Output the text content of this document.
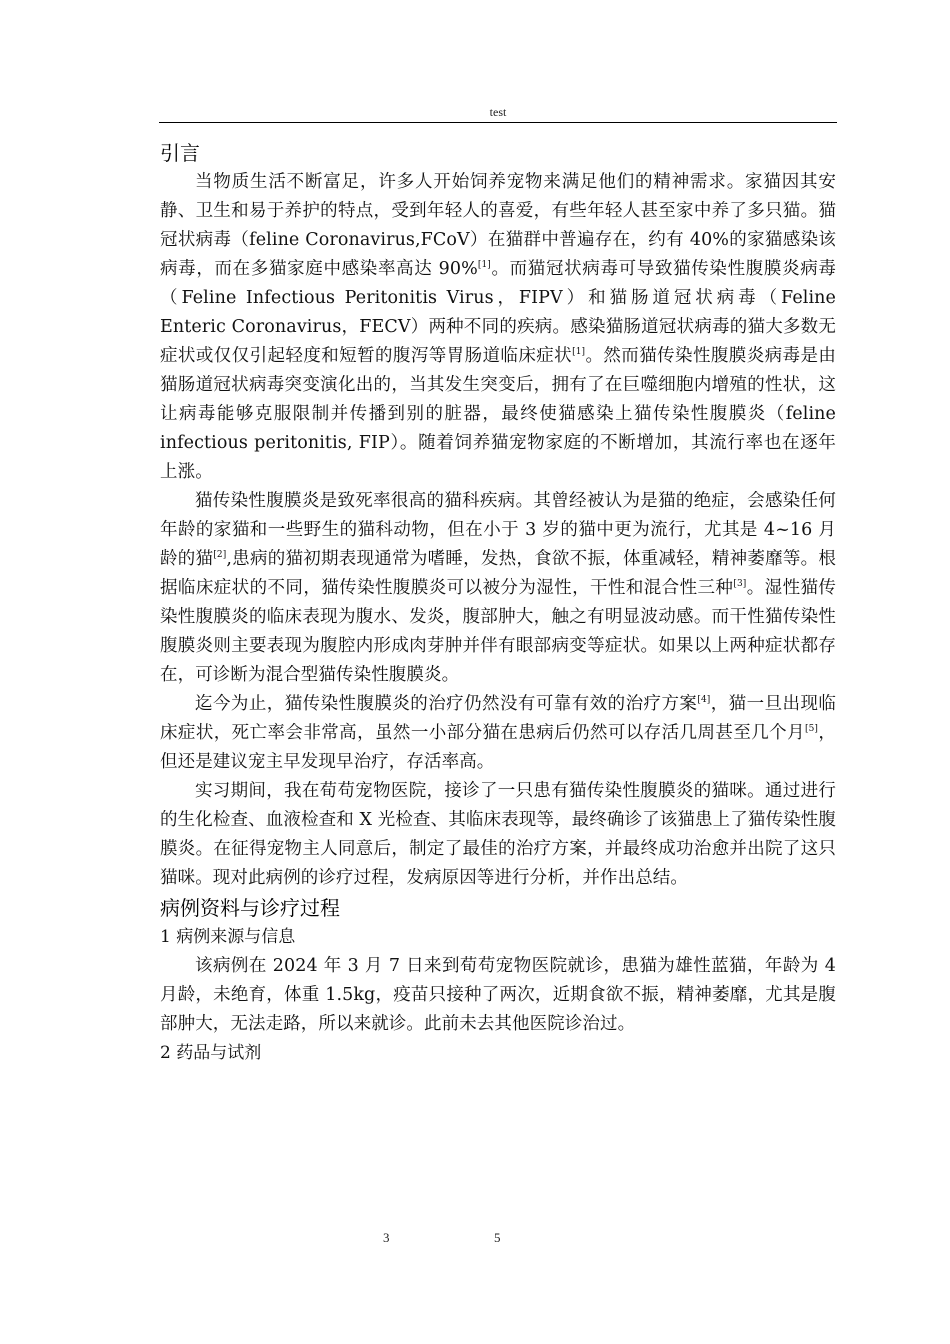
test
引言

当物质生活不断富足，许多人开始饲养宠物来满足他们的精神需求。家猫因其安静、卫生和易于养护的特点，受到年轻人的喜爱，有些年轻人甚至家中养了多只猫。猫冠状病毒（feline Coronavirus,FCoV）在猫群中普遍存在，约有 40%的家猫感染该病毒，而在多猫家庭中感染率高达 90%[1]。而猫冠状病毒可导致猫传染性腹膜炎病毒（Feline Infectious Peritonitis Virus，FIPV）和猫肠道冠状病毒（Feline Enteric Coronavirus，FECV）两种不同的疾病。感染猫肠道冠状病毒的猫大多数无症状或仅仅引起轻度和短暂的腹泻等胃肠道临床症状[1]。然而猫传染性腹膜炎病毒是由猫肠道冠状病毒突变演化出的，当其发生突变后，拥有了在巨噬细胞内增殖的性状，这让病毒能够克服限制并传播到别的脏器，最终使猫感染上猫传染性腹膜炎（feline infectious peritonitis, FIP）。随着饲养猫宠物家庭的不断增加，其流行率也在逐年上涨。

猫传染性腹膜炎是致死率很高的猫科疾病。其曾经被认为是猫的绝症，会感染任何年龄的家猫和一些野生的猫科动物，但在小于 3 岁的猫中更为流行，尤其是 4~16 月龄的猫[2],患病的猫初期表现通常为嗜睡，发热，食欲不振，体重减轻，精神萎靡等。根据临床症状的不同，猫传染性腹膜炎可以被分为湿性，干性和混合性三种[3]。湿性猫传染性腹膜炎的临床表现为腹水、发炎，腹部肿大，触之有明显波动感。而干性猫传染性腹膜炎则主要表现为腹腔内形成肉芽肿并伴有眼部病变等症状。如果以上两种症状都存在，可诊断为混合型猫传染性腹膜炎。

迄今为止，猫传染性腹膜炎的治疗仍然没有可靠有效的治疗方案[4]，猫一旦出现临床症状，死亡率会非常高，虽然一小部分猫在患病后仍然可以存活几周甚至几个月[5]，但还是建议宠主早发现早治疗，存活率高。

实习期间，我在荀苟宠物医院，接诊了一只患有猫传染性腹膜炎的猫咪。通过进行的生化检查、血液检查和 X 光检查、其临床表现等，最终确诊了该猫患上了猫传染性腹膜炎。在征得宠物主人同意后，制定了最佳的治疗方案，并最终成功治愈并出院了这只猫咪。现对此病例的诊疗过程，发病原因等进行分析，并作出总结。

病例资料与诊疗过程

1 病例来源与信息

该病例在 2024 年 3 月 7 日来到荀苟宠物医院就诊，患猫为雄性蓝猫，年龄为 4 月龄，未绝育，体重 1.5kg，疫苗只接种了两次，近期食欲不振，精神萎靡，尤其是腹部肿大，无法走路，所以来就诊。此前未去其他医院诊治过。

2 药品与试剂

3	5
